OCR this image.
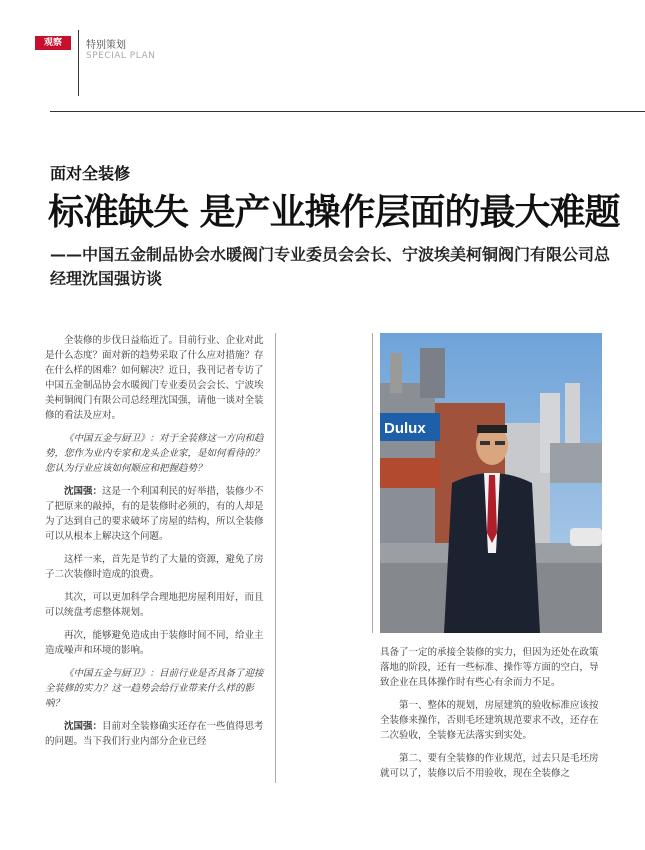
观察	特别策划
SPECIAL PLAN
面对全装修
标准缺失 是产业操作层面的最大难题
——中国五金制品协会水暖阀门专业委员会会长、宁波埃美柯铜阀门有限公司总经理沈国强访谈

全装修的步伐日益临近了。目前行业、企业对此是什么态度？面对新的趋势采取了什么应对措施？存在什么样的困难？如何解决？近日，我刊记者专访了中国五金制品协会水暖阀门专业委员会会长、宁波埃美柯铜阀门有限公司总经理沈国强，请他一谈对全装修的看法及应对。

《中国五金与厨卫》：对于全装修这一方向和趋势，您作为业内专家和龙头企业家，是如何看待的？您认为行业应该如何顺应和把握趋势？

沈国强：这是一个利国利民的好举措，装修少不了把原来的敲掉，有的是装修时必须的，有的人却是为了达到自己的要求破坏了房屋的结构，所以全装修可以从根本上解决这个问题。

这样一来，首先是节约了大量的资源，避免了房子二次装修时造成的浪费。

其次，可以更加科学合理地把房屋利用好，而且可以统盘考虑整体规划。

再次，能够避免造成由于装修时间不同，给业主造成噪声和环境的影响。

《中国五金与厨卫》：目前行业是否具备了迎接全装修的实力？这一趋势会给行业带来什么样的影响？

沈国强：目前对全装修确实还存在一些值得思考的问题。当下我们行业内部分企业已经

Dulux

具备了一定的承接全装修的实力，但因为还处在政策落地的阶段，还有一些标准、操作等方面的空白，导致企业在具体操作时有些心有余而力不足。

第一、整体的规划，房屋建筑的验收标准应该按全装修来操作，否则毛坯建筑规范要求不改，还存在二次验收，全装修无法落实到实处。

第二、要有全装修的作业规范，过去只是毛坯房就可以了，装修以后不用验收，现在全装修之
